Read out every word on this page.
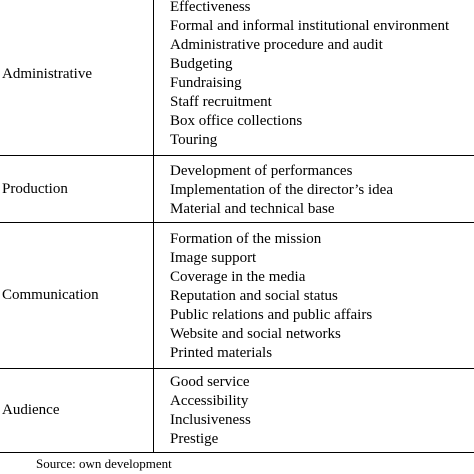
Administrative
Effectiveness
Formal and informal institutional environment
Administrative procedure and audit
Budgeting
Fundraising
Staff recruitment
Box office collections
Touring
Production
Development of performances
Implementation of the director’s idea
Material and technical base
Communication
Formation of the mission
Image support
Coverage in the media
Reputation and social status
Public relations and public affairs
Website and social networks
Printed materials
Audience
Good service
Accessibility
Inclusiveness
Prestige
Source: own development
